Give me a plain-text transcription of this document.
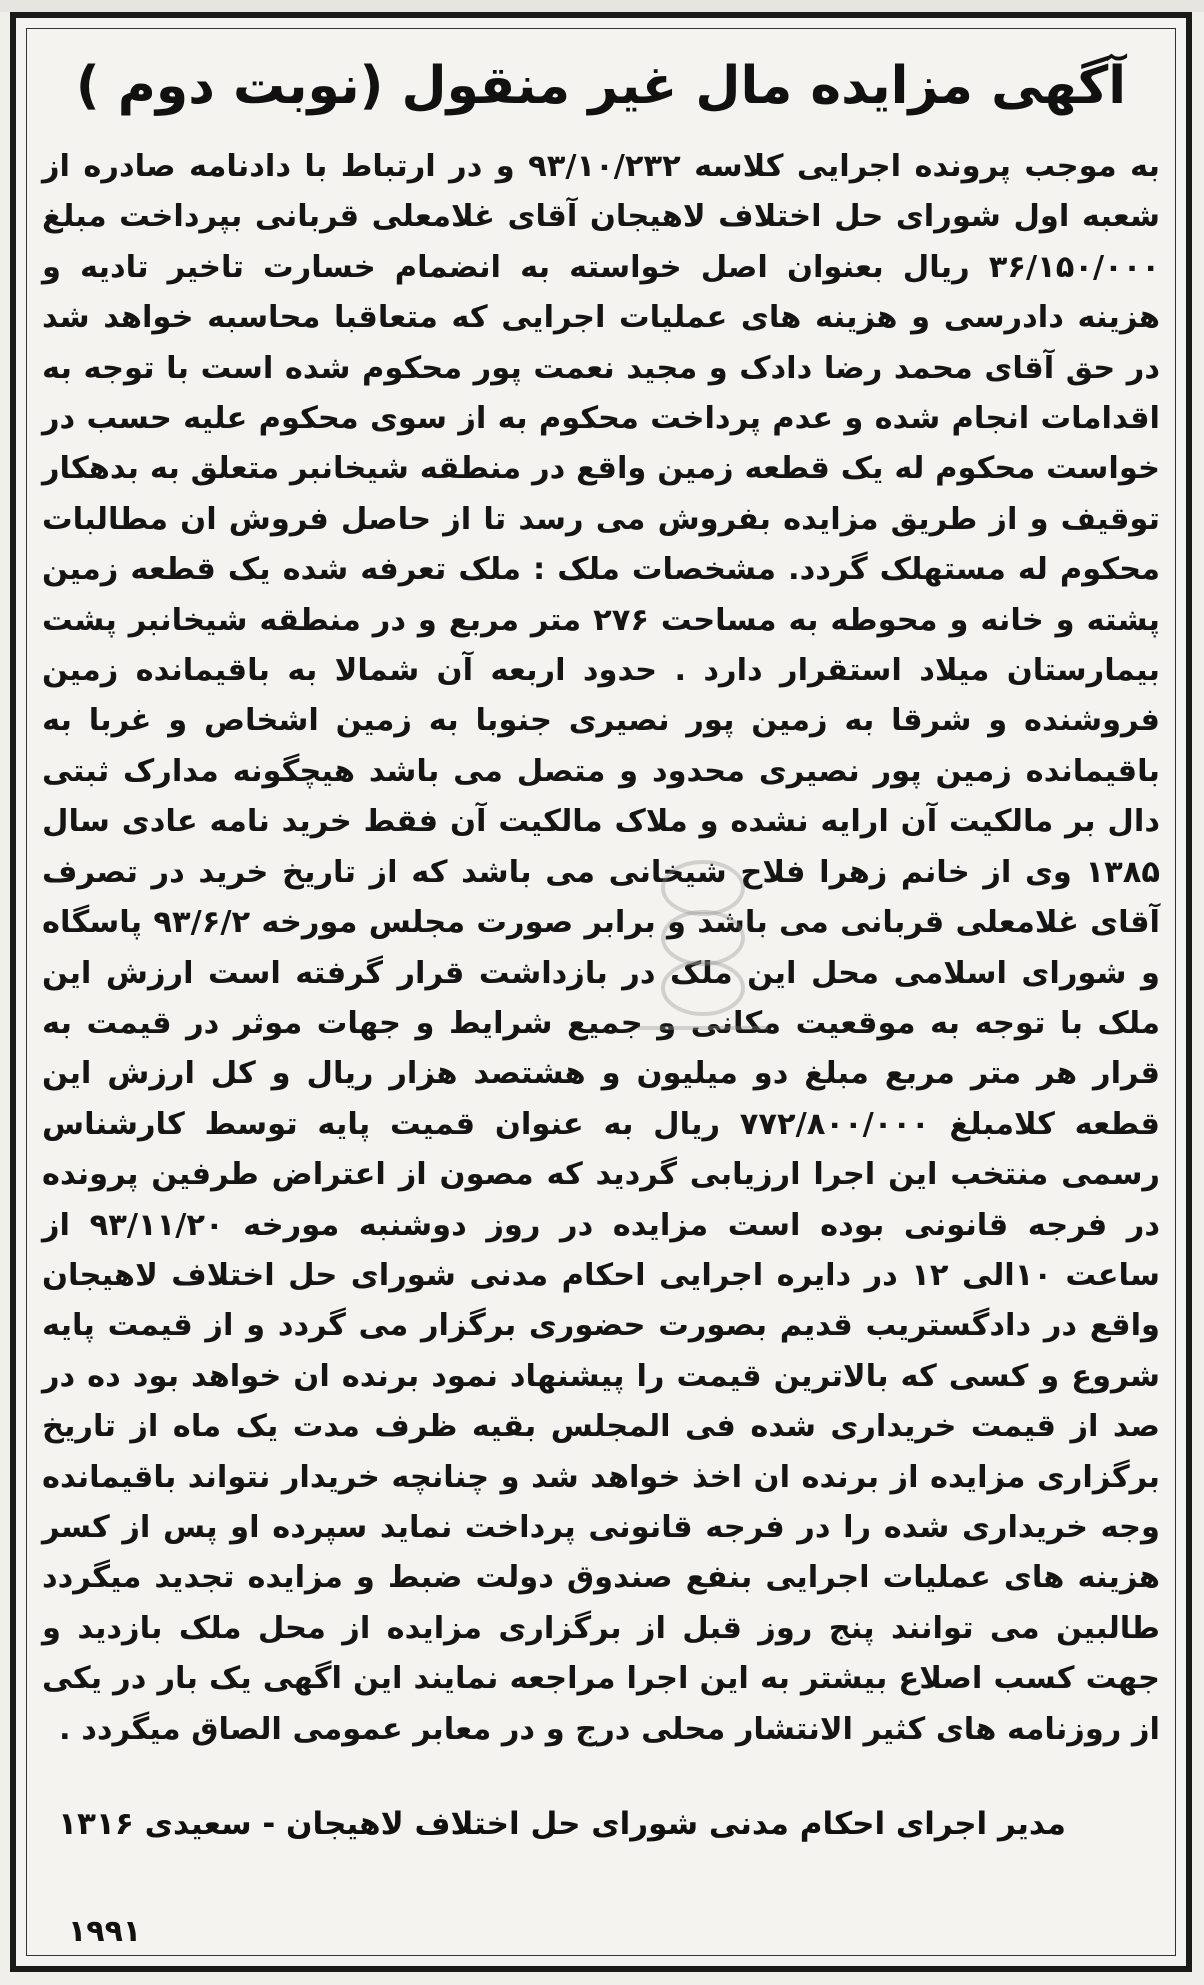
آگهی مزایده مال غیر منقول (نوبت دوم )

به موجب پرونده اجرایی کلاسه ۹۳/۱۰/۲۳۲ و در ارتباط با دادنامه صادره از شعبه اول شورای حل اختلاف لاهیجان آقای غلامعلی قربانی بپرداخت مبلغ ۳۶/۱۵۰/۰۰۰ ریال بعنوان اصل خواسته به انضمام خسارت تاخیر تادیه و هزینه دادرسی و هزینه های عملیات اجرایی که متعاقبا محاسبه خواهد شد در حق آقای محمد رضا دادک و مجید نعمت پور محکوم شده است با توجه به اقدامات انجام شده و عدم پرداخت محکوم به از سوی محکوم علیه حسب در خواست محکوم له یک قطعه زمین واقع در منطقه شیخانبر متعلق به بدهکار توقیف و از طریق مزایده بفروش می رسد تا از حاصل فروش ان مطالبات محکوم له مستهلک گردد. مشخصات ملک : ملک تعرفه شده یک قطعه زمین پشته و خانه و محوطه به مساحت ۲۷۶ متر مربع و در منطقه شیخانبر پشت بیمارستان میلاد استقرار دارد . حدود اربعه آن شمالا به باقیمانده زمین فروشنده و شرقا به زمین پور نصیری جنوبا به زمین اشخاص و غربا به باقیمانده زمین پور نصیری محدود و متصل می باشد هیچگونه مدارک ثبتی دال بر مالکیت آن ارایه نشده و ملاک مالکیت آن فقط خرید نامه عادی سال ۱۳۸۵ وی از خانم زهرا فلاح شیخانی می باشد که از تاریخ خرید در تصرف آقای غلامعلی قربانی می باشد و برابر صورت مجلس مورخه ۹۳/۶/۲ پاسگاه و شورای اسلامی محل این ملک در بازداشت قرار گرفته است ارزش این ملک با توجه به موقعیت مکانی و جمیع شرایط و جهات موثر در قیمت به قرار هر متر مربع مبلغ دو میلیون و هشتصد هزار ریال و کل ارزش این قطعه کلامبلغ ۷۷۲/۸۰۰/۰۰۰ ریال به عنوان قمیت پایه توسط کارشناس رسمی منتخب این اجرا ارزیابی گردید که مصون از اعتراض طرفین پرونده در فرجه قانونی بوده است مزایده در روز دوشنبه مورخه ۹۳/۱۱/۲۰ از ساعت ۱۰الی ۱۲ در دایره اجرایی احکام مدنی شورای حل اختلاف لاهیجان واقع در دادگستریب قدیم بصورت حضوری برگزار می گردد و از قیمت پایه شروع و کسی که بالاترین قیمت را پیشنهاد نمود برنده ان خواهد بود ده در صد از قیمت خریداری شده فی المجلس بقیه ظرف مدت یک ماه از تاریخ برگزاری مزایده از برنده ان اخذ خواهد شد و چنانچه خریدار نتواند باقیمانده وجه خریداری شده را در فرجه قانونی پرداخت نماید سپرده او پس از کسر هزینه های عملیات اجرایی بنفع صندوق دولت ضبط و مزایده تجدید میگردد طالبین می توانند پنج روز قبل از برگزاری مزایده از محل ملک بازدید و جهت کسب اصلاع بیشتر به این اجرا مراجعه نمایند این اگهی یک بار در یکی از روزنامه های کثیر الانتشار محلی درج و در معابر عمومی الصاق میگردد .

مدیر اجرای احکام مدنی شورای حل اختلاف لاهیجان - سعیدی ۱۳۱۶

۱۹۹۱
